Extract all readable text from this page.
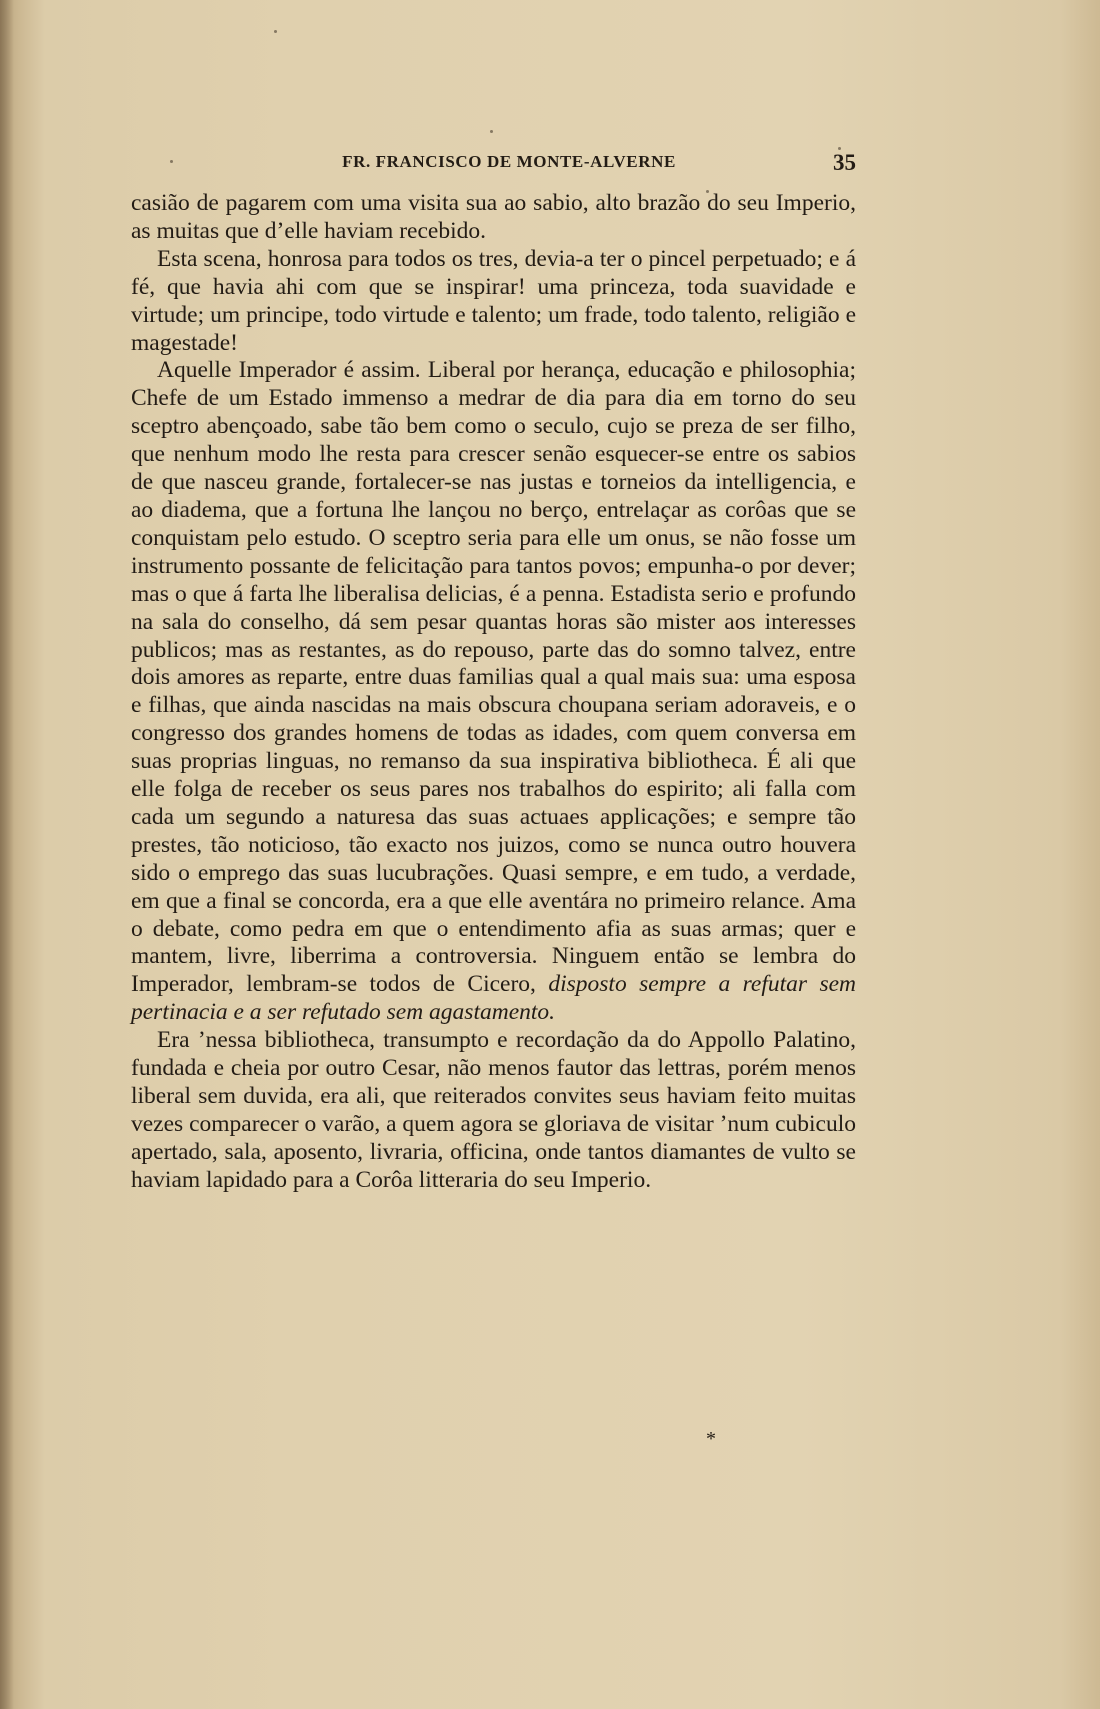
FR. FRANCISCO DE MONTE-ALVERNE	35

casião de pagarem com uma visita sua ao sabio, alto brazão do seu Imperio, as muitas que d’elle haviam recebido.

Esta scena, honrosa para todos os tres, devia-a ter o pincel perpetuado; e á fé, que havia ahi com que se inspirar! uma princeza, toda suavidade e virtude; um principe, todo virtude e talento; um frade, todo talento, religião e magestade!

Aquelle Imperador é assim. Liberal por herança, educação e philosophia; Chefe de um Estado immenso a medrar de dia para dia em torno do seu sceptro abençoado, sabe tão bem como o seculo, cujo se preza de ser filho, que nenhum modo lhe resta para crescer senão esquecer-se entre os sabios de que nasceu grande, fortalecer-se nas justas e torneios da intelligencia, e ao diadema, que a fortuna lhe lançou no berço, entrelaçar as corôas que se conquistam pelo estudo. O sceptro seria para elle um onus, se não fosse um instrumento possante de felicitação para tantos povos; empunha-o por dever; mas o que á farta lhe liberalisa delicias, é a penna. Estadista serio e profundo na sala do conselho, dá sem pesar quantas horas são mister aos interesses publicos; mas as restantes, as do repouso, parte das do somno talvez, entre dois amores as reparte, entre duas familias qual a qual mais sua: uma esposa e filhas, que ainda nascidas na mais obscura choupana seriam adoraveis, e o congresso dos grandes homens de todas as idades, com quem conversa em suas proprias linguas, no remanso da sua inspirativa bibliotheca. É ali que elle folga de receber os seus pares nos trabalhos do espirito; ali falla com cada um segundo a naturesa das suas actuaes applicações; e sempre tão prestes, tão noticioso, tão exacto nos juizos, como se nunca outro houvera sido o emprego das suas lucubrações. Quasi sempre, e em tudo, a verdade, em que a final se concorda, era a que elle aventára no primeiro relance. Ama o debate, como pedra em que o entendimento afia as suas armas; quer e mantem, livre, liberrima a controversia. Ninguem então se lembra do Imperador, lembram-se todos de Cicero, disposto sempre a refutar sem pertinacia e a ser refutado sem agastamento.

Era ’nessa bibliotheca, transumpto e recordação da do Appollo Palatino, fundada e cheia por outro Cesar, não menos fautor das lettras, porém menos liberal sem duvida, era ali, que reiterados convites seus haviam feito muitas vezes comparecer o varão, a quem agora se gloriava de visitar ’num cubiculo apertado, sala, aposento, livraria, officina, onde tantos diamantes de vulto se haviam lapidado para a Corôa litteraria do seu Imperio.

*
